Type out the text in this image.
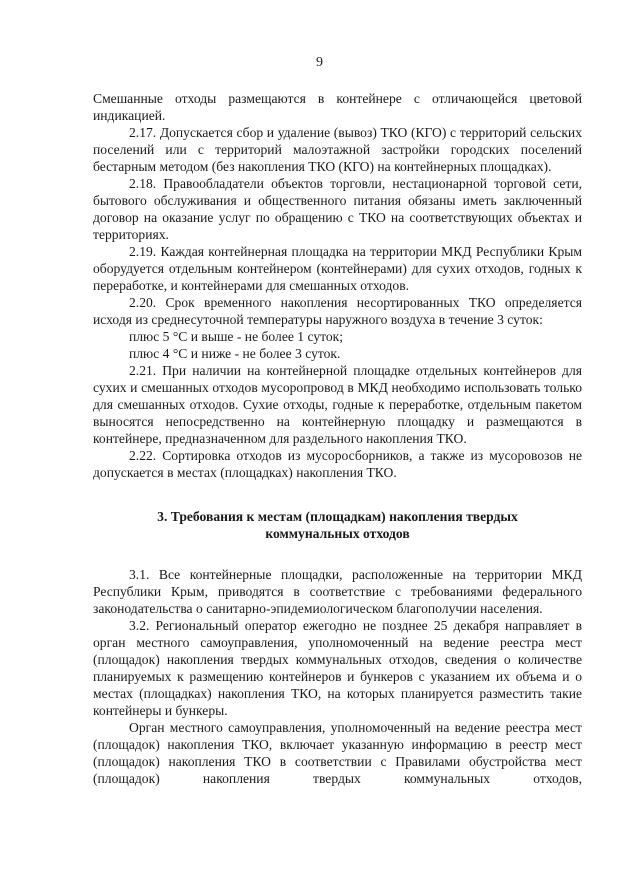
9

Смешанные отходы размещаются в контейнере с отличающейся цветовой индикацией.

2.17. Допускается сбор и удаление (вывоз) ТКО (КГО) с территорий сельских поселений или с территорий малоэтажной застройки городских поселений бестарным методом (без накопления ТКО (КГО) на контейнерных площадках).

2.18. Правообладатели объектов торговли, нестационарной торговой сети, бытового обслуживания и общественного питания обязаны иметь заключенный договор на оказание услуг по обращению с ТКО на соответствующих объектах и территориях.

2.19. Каждая контейнерная площадка на территории МКД Республики Крым оборудуется отдельным контейнером (контейнерами) для сухих отходов, годных к переработке, и контейнерами для смешанных отходов.

2.20. Срок временного накопления несортированных ТКО определяется исходя из среднесуточной температуры наружного воздуха в течение 3 суток:

плюс 5 °С и выше - не более 1 суток;

плюс 4 °С и ниже - не более 3 суток.

2.21. При наличии на контейнерной площадке отдельных контейнеров для сухих и смешанных отходов мусоропровод в МКД необходимо использовать только для смешанных отходов. Сухие отходы, годные к переработке, отдельным пакетом выносятся непосредственно на контейнерную площадку и размещаются в контейнере, предназначенном для раздельного накопления ТКО.

2.22. Сортировка отходов из мусоросборников, а также из мусоровозов не допускается в местах (площадках) накопления ТКО.

3. Требования к местам (площадкам) накопления твердых
коммунальных отходов

3.1. Все контейнерные площадки, расположенные на территории МКД Республики Крым, приводятся в соответствие с требованиями федерального законодательства о санитарно-эпидемиологическом благополучии населения.

3.2. Региональный оператор ежегодно не позднее 25 декабря направляет в орган местного самоуправления, уполномоченный на ведение реестра мест (площадок) накопления твердых коммунальных отходов, сведения о количестве планируемых к размещению контейнеров и бункеров с указанием их объема и о местах (площадках) накопления ТКО, на которых планируется разместить такие контейнеры и бункеры.

Орган местного самоуправления, уполномоченный на ведение реестра мест (площадок) накопления ТКО, включает указанную информацию в реестр мест (площадок) накопления ТКО в соответствии с Правилами обустройства мест (площадок) накопления твердых коммунальных отходов,
